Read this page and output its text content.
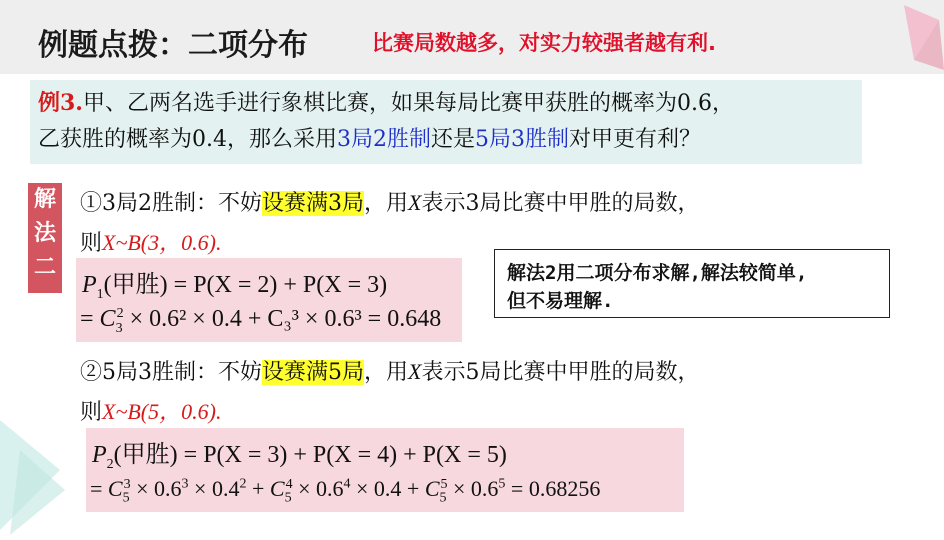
例题点拨：二项分布	比赛局数越多，对实力较强者越有利.
例3.甲、乙两名选手进行象棋比赛，如果每局比赛甲获胜的概率为0.6，
乙获胜的概率为0.4，那么采用3局2胜制还是5局3胜制对甲更有利？
解
法
二
①3局2胜制：不妨设赛满3局，用X表示3局比赛中甲胜的局数，
则X~B(3，0.6).
$P_1$(甲胜) = P(X = 2) + P(X = 3)
= $C_3^2 \times 0.6^2 \times 0.4 + C_3^3 \times 0.6^3 = 0.648$
解法2用二项分布求解,解法较简单,
但不易理解.
②5局3胜制：不妨设赛满5局，用X表示5局比赛中甲胜的局数，
则X~B(5，0.6).
$P_2$(甲胜) = P(X = 3) + P(X = 4) + P(X = 5)
= $C_5^3 \times 0.6^3 \times 0.4^2 + C_5^4 \times 0.6^4 \times 0.4 + C_5^5 \times 0.6^5 = 0.68256$
